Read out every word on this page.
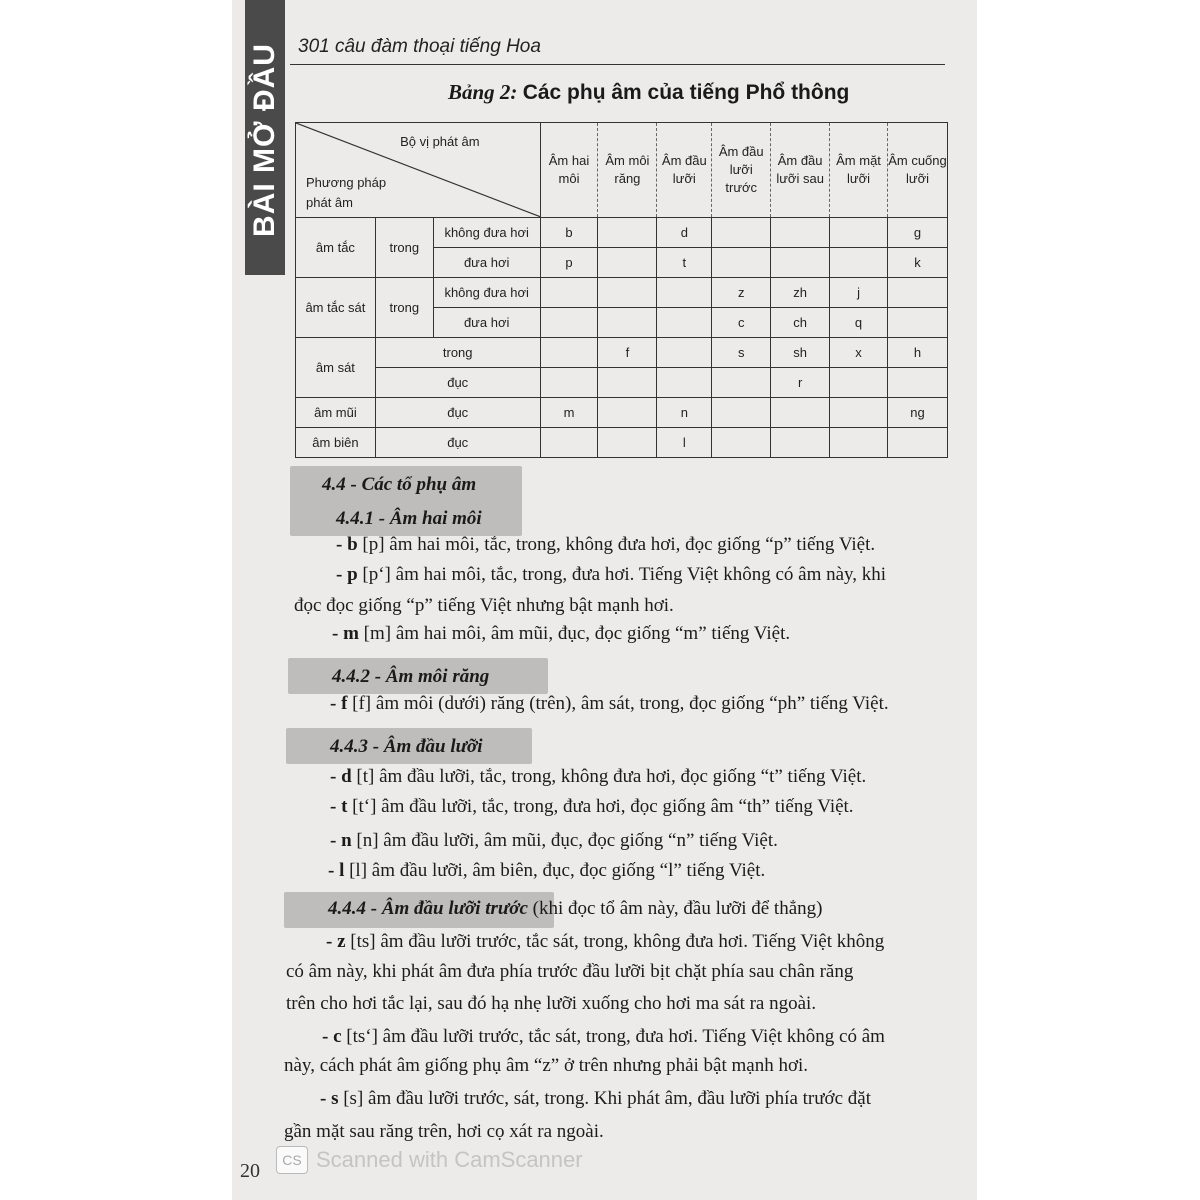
BÀI MỞ ĐẦU 301 câu đàm thoại tiếng Hoa
Bảng 2: Các phụ âm của tiếng Phổ thông
Bộ vị phát âm
Phương pháp phát âm			Âm hai môi	Âm môi răng	Âm đầu lưỡi	Âm đầu lưỡi trước	Âm đầu lưỡi sau	Âm mặt lưỡi	Âm cuống lưỡi
âm tắc	trong	không đưa hơi	b		d				g
		đưa hơi	p		t				k
âm tắc sát	trong	không đưa hơi				z	zh	j	
		đưa hơi				c	ch	q	
âm sát	trong			f		s	sh	x	h
	đục						r		
âm mũi	đục		m		n				ng
âm biên	đục				l				
4.4 - Các tổ phụ âm
4.4.1 - Âm hai môi
- b [p] âm hai môi, tắc, trong, không đưa hơi, đọc giống “p” tiếng Việt.
- p [p‘] âm hai môi, tắc, trong, đưa hơi. Tiếng Việt không có âm này, khi
đọc đọc giống “p” tiếng Việt nhưng bật mạnh hơi.
- m [m] âm hai môi, âm mũi, đục, đọc giống “m” tiếng Việt.
4.4.2 - Âm môi răng
- f [f] âm môi (dưới) răng (trên), âm sát, trong, đọc giống “ph” tiếng Việt.
4.4.3 - Âm đầu lưỡi
- d [t] âm đầu lưỡi, tắc, trong, không đưa hơi, đọc giống “t” tiếng Việt.
- t [t‘] âm đầu lưỡi, tắc, trong, đưa hơi, đọc giống âm “th” tiếng Việt.
- n [n] âm đầu lưỡi, âm mũi, đục, đọc giống “n” tiếng Việt.
- l [l] âm đầu lưỡi, âm biên, đục, đọc giống “l” tiếng Việt.
4.4.4 - Âm đầu lưỡi trước (khi đọc tổ âm này, đầu lưỡi để thẳng)
- z [ts] âm đầu lưỡi trước, tắc sát, trong, không đưa hơi. Tiếng Việt không
có âm này, khi phát âm đưa phía trước đầu lưỡi bịt chặt phía sau chân răng
trên cho hơi tắc lại, sau đó hạ nhẹ lưỡi xuống cho hơi ma sát ra ngoài.
- c [ts‘] âm đầu lưỡi trước, tắc sát, trong, đưa hơi. Tiếng Việt không có âm
này, cách phát âm giống phụ âm “z” ở trên nhưng phải bật mạnh hơi.
- s [s] âm đầu lưỡi trước, sát, trong. Khi phát âm, đầu lưỡi phía trước đặt
gần mặt sau răng trên, hơi cọ xát ra ngoài.
20	CS Scanned with CamScanner
